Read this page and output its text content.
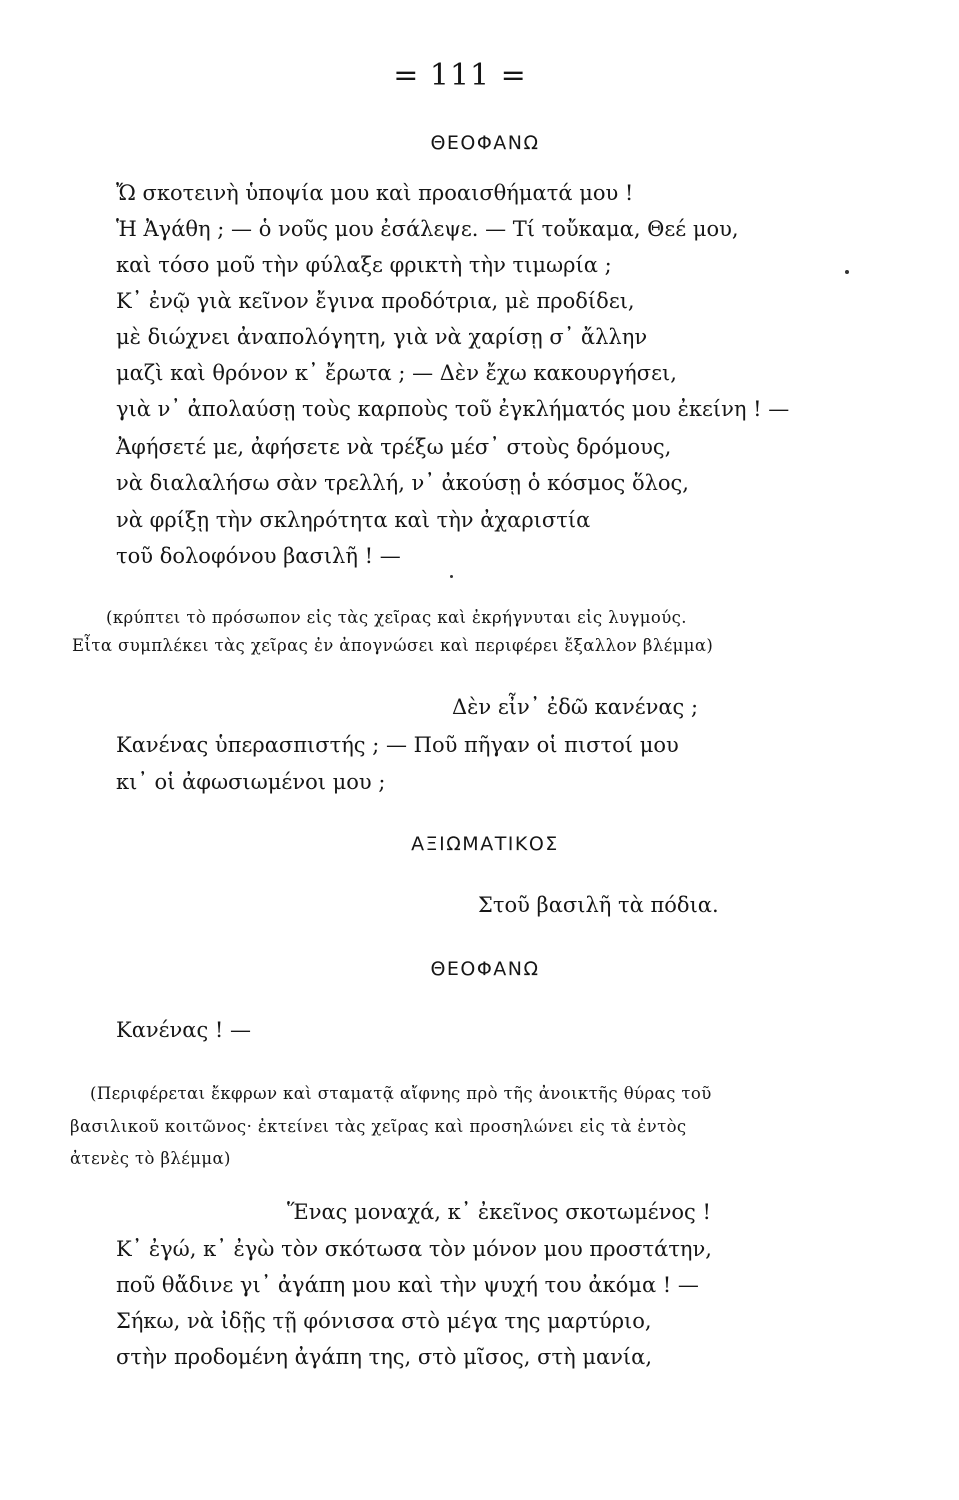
= 111 =
ΘΕΟΦΑΝΩ
Ὤ σκοτεινὴ ὑποψία μου καὶ προαισθήματά μου !
Ἡ Ἀγάθη ; — ὁ νοῦς μου ἐσάλεψε. — Τί τοὔκαμα, Θεέ μου,
καὶ τόσο μοῦ τὴν φύλαξε φρικτὴ τὴν τιμωρία ;
Κ᾿ ἐνῷ γιὰ κεῖνον ἔγινα προδότρια, μὲ προδίδει,
μὲ διώχνει ἀναπολόγητη, γιὰ νὰ χαρίσῃ σ᾿ ἄλλην
μαζὶ καὶ θρόνον κ᾿ ἔρωτα ; — Δὲν ἔχω κακουργήσει,
γιὰ ν᾿ ἀπολαύσῃ τοὺς καρποὺς τοῦ ἐγκλήματός μου ἐκείνη ! —
Ἀφήσετέ με, ἀφήσετε νὰ τρέξω μέσ᾿ στοὺς δρόμους,
νὰ διαλαλήσω σὰν τρελλή, ν᾿ ἀκούσῃ ὁ κόσμος ὅλος,
νὰ φρίξῃ τὴν σκληρότητα καὶ τὴν ἀχαριστία
τοῦ δολοφόνου βασιλῆ ! —
(κρύπτει τὸ πρόσωπον εἰς τὰς χεῖρας καὶ ἐκρήγνυται εἰς λυγμούς.
Εἶτα συμπλέκει τὰς χεῖρας ἐν ἀπογνώσει καὶ περιφέρει ἔξαλλον βλέμμα)
Δὲν εἶν᾿ ἐδῶ κανένας ;
Κανένας ὑπερασπιστής ; — Ποῦ πῆγαν οἱ πιστοί μου
κι᾿ οἱ ἀφωσιωμένοι μου ;
ΑΞΙΩΜΑΤΙΚΟΣ
Στοῦ βασιλῆ τὰ πόδια.
ΘΕΟΦΑΝΩ
Κανένας ! —
(Περιφέρεται ἔκφρων καὶ σταματᾷ αἴφνης πρὸ τῆς ἀνοικτῆς θύρας τοῦ
βασιλικοῦ κοιτῶνος· ἐκτείνει τὰς χεῖρας καὶ προσηλώνει εἰς τὰ ἐντὸς
ἀτενὲς τὸ βλέμμα)
Ἕνας μοναχά, κ᾿ ἐκεῖνος σκοτωμένος !
Κ᾿ ἐγώ, κ᾿ ἐγὼ τὸν σκότωσα τὸν μόνον μου προστάτην,
ποῦ θἄδινε γι᾿ ἀγάπη μου καὶ τὴν ψυχή του ἀκόμα ! —
Σήκω, νὰ ἰδῇς τῇ φόνισσα στὸ μέγα της μαρτύριο,
στὴν προδομένη ἀγάπη της, στὸ μῖσος, στὴ μανία,
